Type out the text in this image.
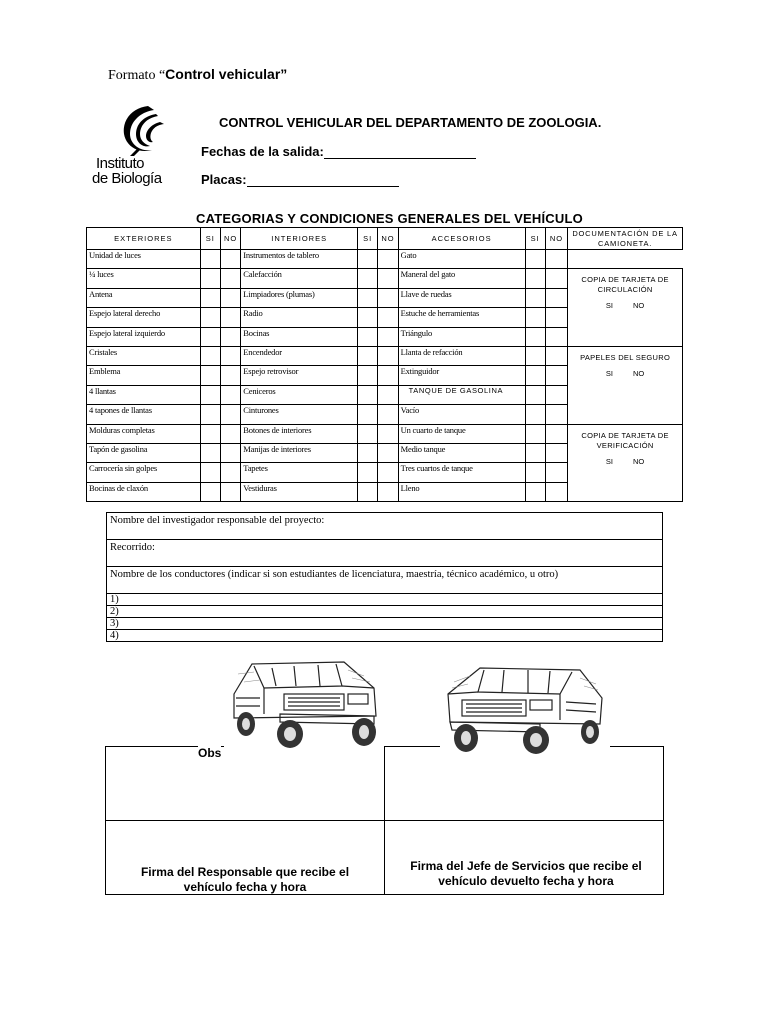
Formato “Control vehicular”
Instituto
de Biología
CONTROL VEHICULAR DEL DEPARTAMENTO DE ZOOLOGIA.
Fechas de la salida:
Placas:
CATEGORIAS Y CONDICIONES GENERALES DEL VEHÍCULO
EXTERIORES	SI	NO	INTERIORES	SI	NO	ACCESORIOS	SI	NO	DOCUMENTACIÓN DE LA CAMIONETA.
Unidad de luces			Instrumentos de tablero			Gato			
¼ luces			Calefacción			Maneral del gato			COPIA DE TARJETA DE CIRCULACIÓN
SI NO

Antena			Limpiadores (plumas)			Llave de ruedas			
Espejo lateral derecho			Radio			Estuche de herramientas			
Espejo lateral izquierdo			Bocinas			Triángulo			
Cristales			Encendedor			Llanta de refacción			PAPELES DEL SEGURO
SI NO

Emblema			Espejo retrovisor			Extinguidor			
4 llantas			Ceniceros			TANQUE DE GASOLINA			
4 tapones de llantas			Cinturones			Vacío			
Molduras completas			Botones de interiores			Un cuarto de tanque			COPIA DE TARJETA DE VERIFICACIÓN
SI NO

Tapón de gasolina			Manijas de interiores			Medio tanque			
Carrocería sin golpes			Tapetes			Tres cuartos de tanque			
Bocinas de claxón			Vestiduras			Lleno			
Nombre del investigador responsable del proyecto:
Recorrido:
Nombre de los conductores (indicar si son estudiantes de licenciatura, maestría, técnico académico, u otro)
1)
2)
3)
4)
Obs
Firma del Responsable que recibe el vehículo fecha y hora
Firma del Jefe de Servicios que recibe el vehículo devuelto fecha y hora
